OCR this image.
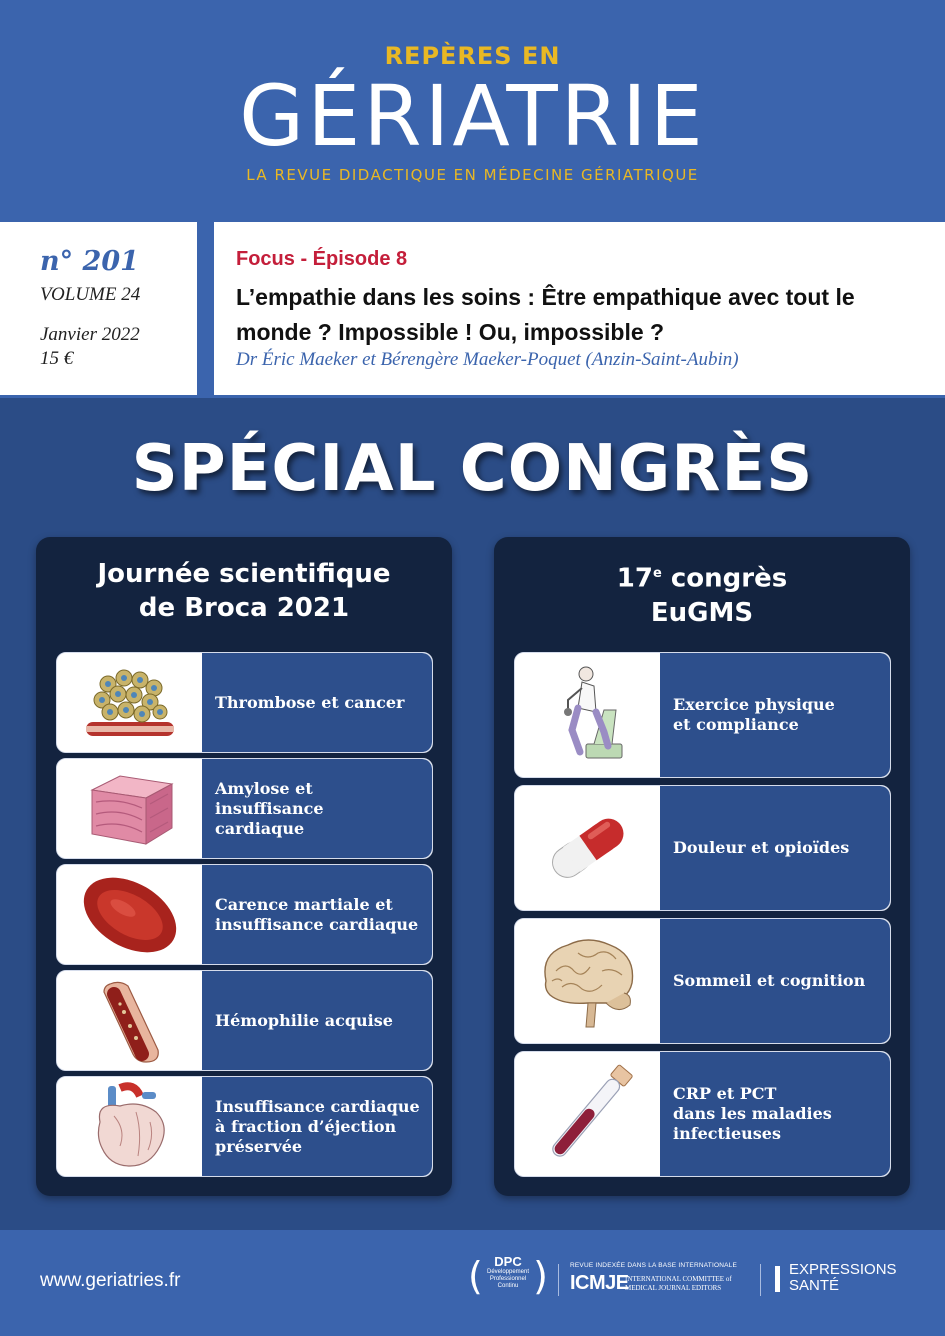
REPÈRES EN
GÉRIATRIE
LA REVUE DIDACTIQUE EN MÉDECINE GÉRIATRIQUE
n° 201
VOLUME 24
Janvier 2022
15 €
Focus - Épisode 8
L’empathie dans les soins : Être empathique avec tout le monde ? Impossible ! Ou, impossible ?
Dr Éric Maeker et Bérengère Maeker-Poquet (Anzin-Saint-Aubin)
SPÉCIAL CONGRÈS
Journée scientifique
de Broca 2021
Thrombose et cancer
Amylose et insuffisance
cardiaque
Carence martiale et
insuffisance cardiaque
Hémophilie acquise
Insuffisance cardiaque
à fraction d’éjection
préservée
17e congrès
EuGMS
Exercice physique
et compliance
Douleur et opioïdes
Sommeil et cognition
CRP et PCT
dans les maladies
infectieuses
www.geriatries.fr	( )
DPC
Développement Professionnel Continu
REVUE INDEXÉE DANS LA BASE INTERNATIONALE
ICMJE
INTERNATIONAL COMMITTEE of MEDICAL JOURNAL EDITORS
EXPRESSIONS
SANTÉ
